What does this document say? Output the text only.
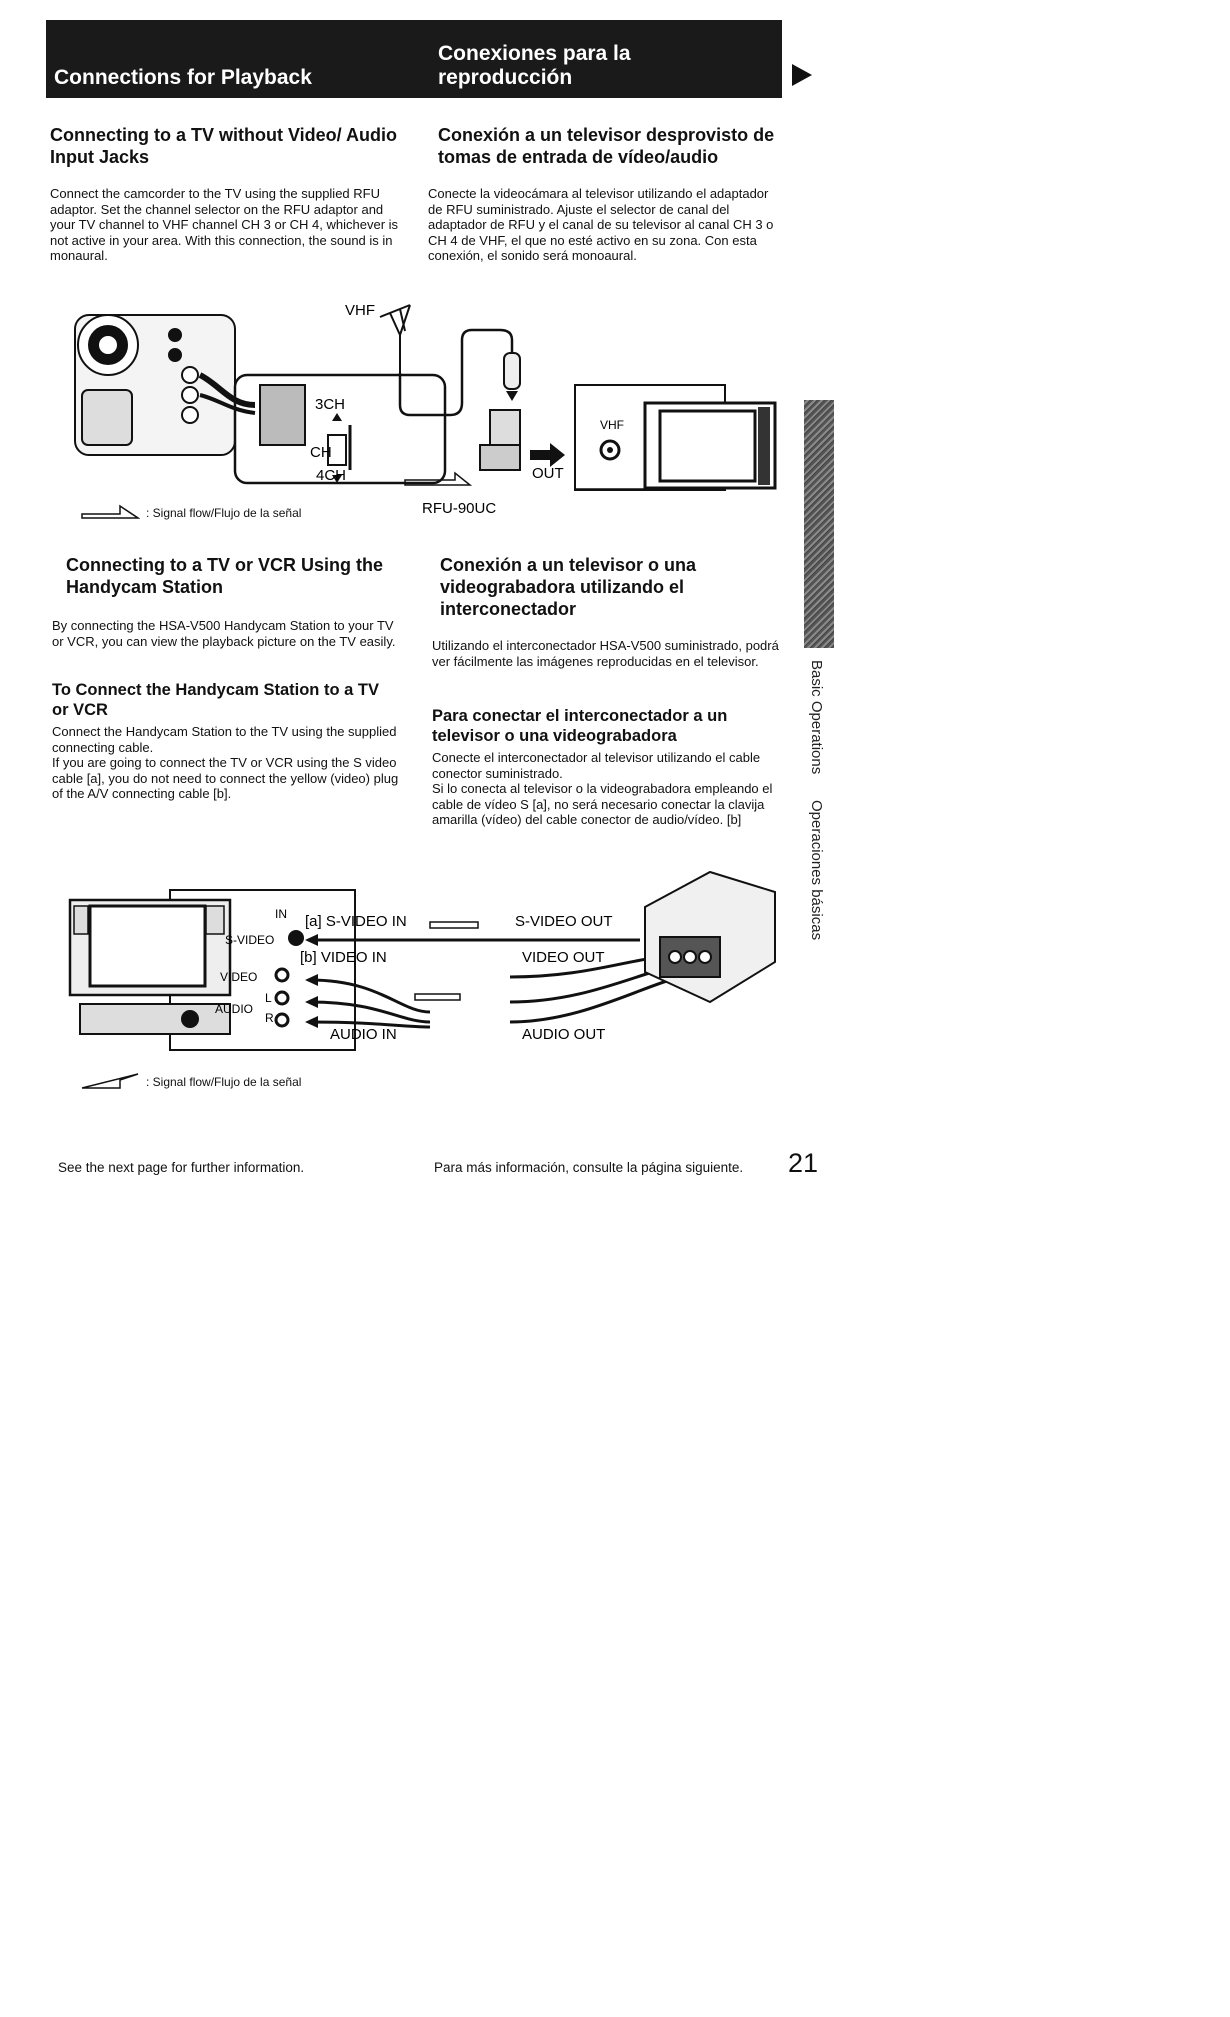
Connections for Playback
Conexiones para la reproducción
Connecting to a TV without Video/ Audio Input Jacks
Conexión a un televisor desprovisto de tomas de entrada de vídeo/audio

Connect the camcorder to the TV using the supplied RFU adaptor. Set the channel selector on the RFU adaptor and your TV channel to VHF channel CH 3 or CH 4, whichever is not active in your area. With this connection, the sound is in monaural.

Conecte la videocámara al televisor utilizando el adaptador de RFU suministrado. Ajuste el selector de canal del adaptador de RFU y el canal de su televisor al canal CH 3 o CH 4 de VHF, el que no esté activo en su zona. Con esta conexión, el sonido será monoaural.

3CH
CH
4CH
VHF
OUT
VHF
RFU-90UC
: Signal flow/Flujo de la señal
Connecting to a TV or VCR Using the Handycam Station
Conexión a un televisor o una videograbadora utilizando el interconectador

By connecting the HSA-V500 Handycam Station to your TV or VCR, you can view the playback picture on the TV easily.	Utilizando el interconectador HSA-V500 suministrado, podrá ver fácilmente las imágenes reproducidas en el televisor.

To Connect the Handycam Station to a TV or VCR	Para conectar el interconectador a un televisor o una videograbadora

Connect the Handycam Station to the TV using the supplied connecting cable.

If you are going to connect the TV or VCR using the S video cable [a], you do not need to connect the yellow (video) plug of the A/V connecting cable [b].

Conecte el interconectador al televisor utilizando el cable conector suministrado.

Si lo conecta al televisor o la videograbadora empleando el cable de vídeo S [a], no será necesario conectar la clavija amarilla (vídeo) del cable conector de audio/vídeo. [b]

IN
S-VIDEO
VIDEO
AUDIO
L
R
[a] S-VIDEO IN
[b] VIDEO IN
AUDIO IN
S-VIDEO OUT
VIDEO OUT
AUDIO OUT
: Signal flow/Flujo de la señal
Basic Operations
Operaciones básicas
See the next page for further information.	Para más información, consulte la página siguiente. 21
